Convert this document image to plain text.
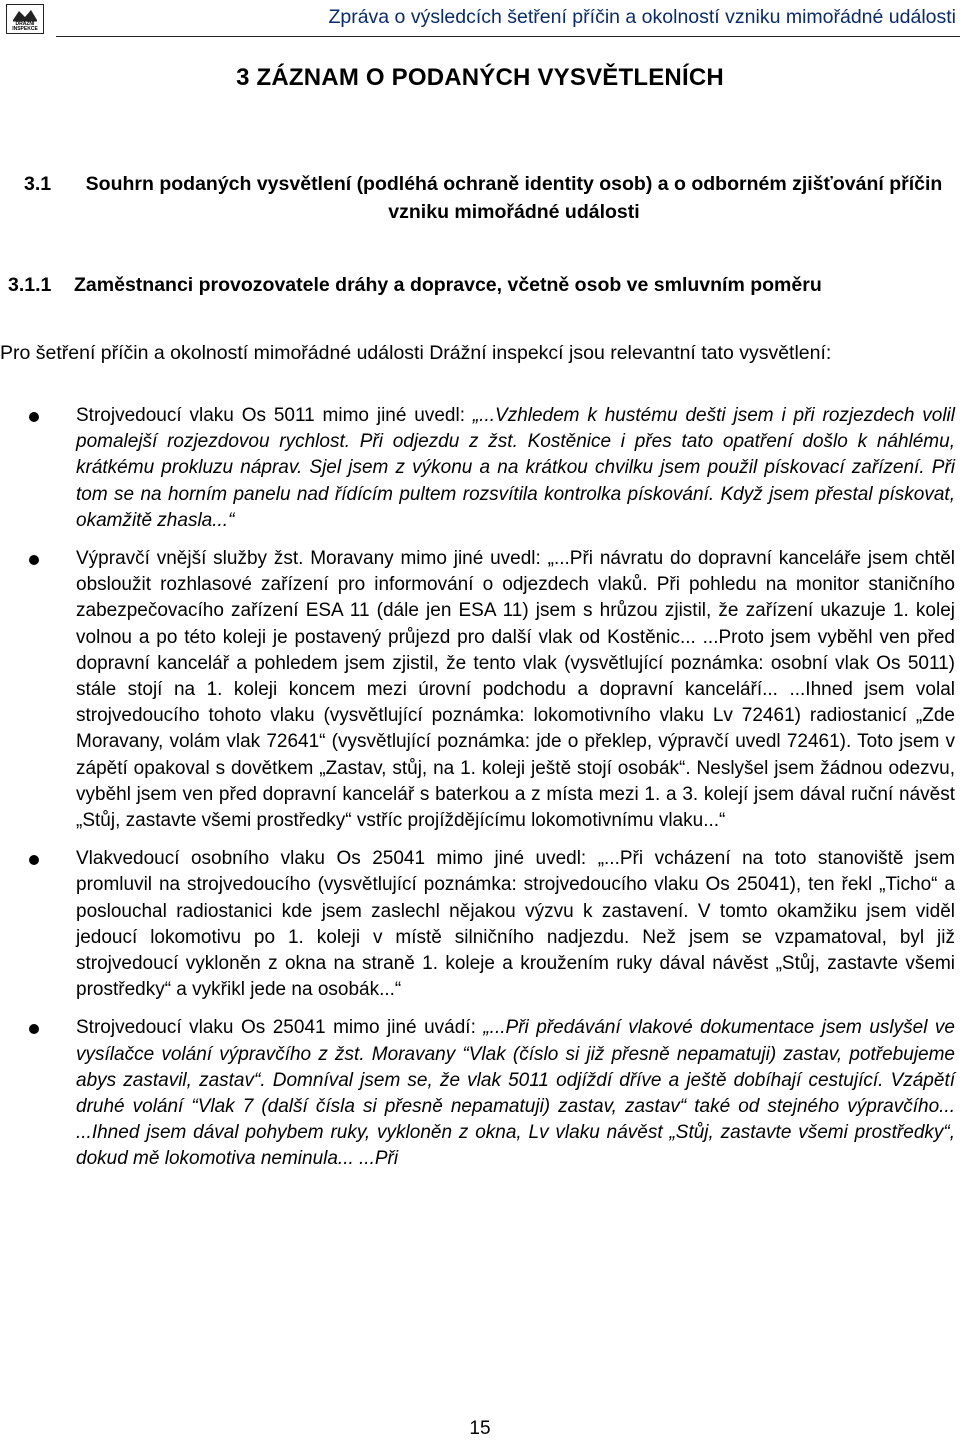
DRÁŽNÍ INSPEKCE
Zpráva o výsledcích šetření příčin a okolností vzniku mimořádné události
3 ZÁZNAM O PODANÝCH VYSVĚTLENÍCH
3.1 Souhrn podaných vysvětlení (podléhá ochraně identity osob) a o odborném zjišťování příčin vzniku mimořádné události
3.1.1	Zaměstnanci provozovatele dráhy a dopravce, včetně osob ve smluvním poměru
Pro šetření příčin a okolností mimořádné události Drážní inspekcí jsou relevantní tato vysvětlení:
Strojvedoucí vlaku Os 5011 mimo jiné uvedl: „...Vzhledem k hustému dešti jsem i při rozjezdech volil pomalejší rozjezdovou rychlost. Při odjezdu z žst. Kostěnice i přes tato opatření došlo k náhlému, krátkému prokluzu náprav. Sjel jsem z výkonu a na krátkou chvilku jsem použil pískovací zařízení. Při tom se na horním panelu nad řídícím pultem rozsvítila kontrolka pískování. Když jsem přestal pískovat, okamžitě zhasla...“
Výpravčí vnější služby žst. Moravany mimo jiné uvedl: „...Při návratu do dopravní kanceláře jsem chtěl obsloužit rozhlasové zařízení pro informování o odjezdech vlaků. Při pohledu na monitor staničního zabezpečovacího zařízení ESA 11 (dále jen ESA 11) jsem s hrůzou zjistil, že zařízení ukazuje 1. kolej volnou a po této koleji je postavený průjezd pro další vlak od Kostěnic... ...Proto jsem vyběhl ven před dopravní kancelář a pohledem jsem zjistil, že tento vlak (vysvětlující poznámka: osobní vlak Os 5011) stále stojí na 1. koleji koncem mezi úrovní podchodu a dopravní kanceláří... ...Ihned jsem volal strojvedoucího tohoto vlaku (vysvětlující poznámka: lokomotivního vlaku Lv 72461) radiostanicí „Zde Moravany, volám vlak 72641“ (vysvětlující poznámka: jde o překlep, výpravčí uvedl 72461). Toto jsem v zápětí opakoval s dovětkem „Zastav, stůj, na 1. koleji ještě stojí osobák“. Neslyšel jsem žádnou odezvu, vyběhl jsem ven před dopravní kancelář s baterkou a z místa mezi 1. a 3. kolejí jsem dával ruční návěst „Stůj, zastavte všemi prostředky“ vstříc projíždějícímu lokomotivnímu vlaku...“
Vlakvedoucí osobního vlaku Os 25041 mimo jiné uvedl: „...Při vcházení na toto stanoviště jsem promluvil na strojvedoucího (vysvětlující poznámka: strojvedoucího vlaku Os 25041), ten řekl „Ticho“ a poslouchal radiostanici kde jsem zaslechl nějakou výzvu k zastavení. V tomto okamžiku jsem viděl jedoucí lokomotivu po 1. koleji v místě silničního nadjezdu. Než jsem se vzpamatoval, byl již strojvedoucí vykloněn z okna na straně 1. koleje a kroužením ruky dával návěst „Stůj, zastavte všemi prostředky“ a vykřikl jede na osobák...“
Strojvedoucí vlaku Os 25041 mimo jiné uvádí: „...Při předávání vlakové dokumentace jsem uslyšel ve vysílačce volání výpravčího z žst. Moravany “Vlak (číslo si již přesně nepamatuji) zastav, potřebujeme abys zastavil, zastav“. Domníval jsem se, že vlak 5011 odjíždí dříve a ještě dobíhají cestující. Vzápětí druhé volání “Vlak 7 (další čísla si přesně nepamatuji) zastav, zastav“ také od stejného výpravčího... ...Ihned jsem dával pohybem ruky, vykloněn z okna, Lv vlaku návěst „Stůj, zastavte všemi prostředky“, dokud mě lokomotiva neminula... ...Při
15
